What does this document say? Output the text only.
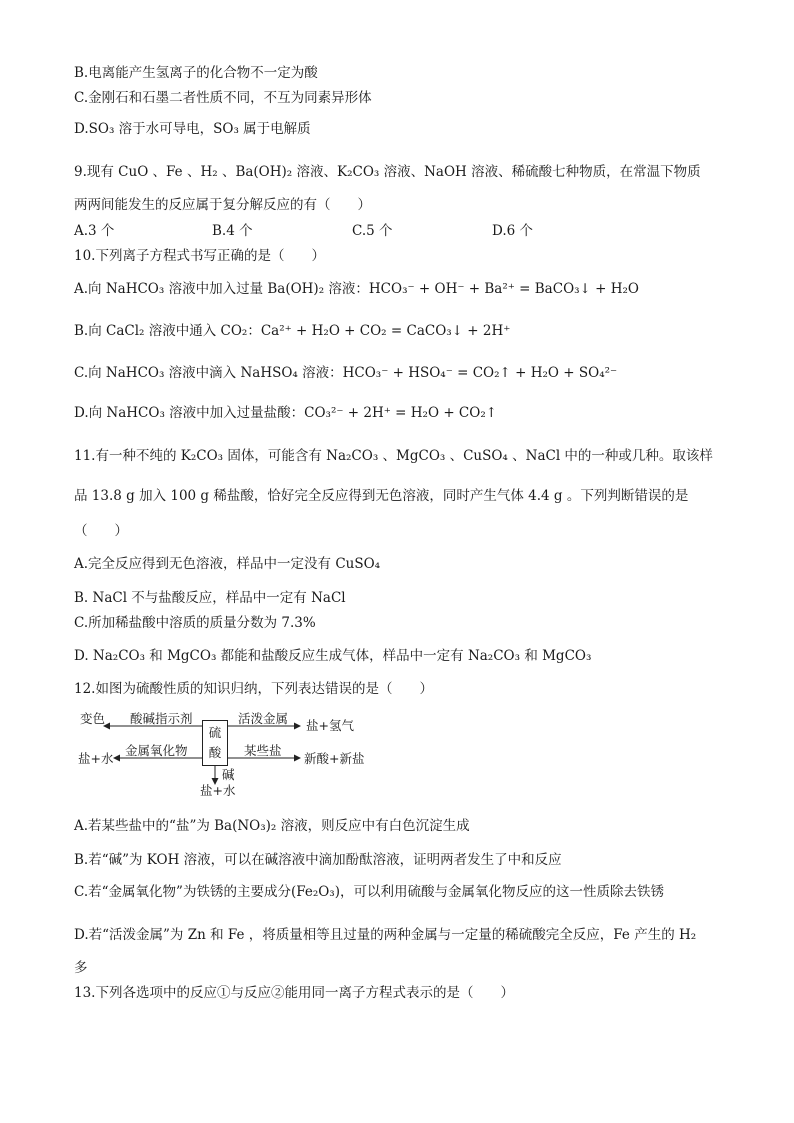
B.电离能产生氢离子的化合物不一定为酸
C.金刚石和石墨二者性质不同，不互为同素异形体
D.SO₃ 溶于水可导电，SO₃ 属于电解质
9.现有 CuO 、Fe 、H₂ 、Ba(OH)₂ 溶液、K₂CO₃ 溶液、NaOH 溶液、稀硫酸七种物质，在常温下物质
两两间能发生的反应属于复分解反应的有（　　）
A.3 个	B.4 个	C.5 个	D.6 个
10.下列离子方程式书写正确的是（　　）
A.向 NaHCO₃ 溶液中加入过量 Ba(OH)₂ 溶液：HCO₃⁻ + OH⁻ + Ba²⁺ = BaCO₃↓ + H₂O
B.向 CaCl₂ 溶液中通入 CO₂：Ca²⁺ + H₂O + CO₂ = CaCO₃↓ + 2H⁺
C.向 NaHCO₃ 溶液中滴入 NaHSO₄ 溶液：HCO₃⁻ + HSO₄⁻ = CO₂↑ + H₂O + SO₄²⁻
D.向 NaHCO₃ 溶液中加入过量盐酸：CO₃²⁻ + 2H⁺ = H₂O + CO₂↑
11.有一种不纯的 K₂CO₃ 固体，可能含有 Na₂CO₃ 、MgCO₃ 、CuSO₄ 、NaCl 中的一种或几种。取该样
品 13.8 g 加入 100 g 稀盐酸，恰好完全反应得到无色溶液，同时产生气体 4.4 g 。下列判断错误的是
（　　）
A.完全反应得到无色溶液，样品中一定没有 CuSO₄
B. NaCl 不与盐酸反应，样品中一定有 NaCl
C.所加稀盐酸中溶质的质量分数为 7.3%
D. Na₂CO₃ 和 MgCO₃ 都能和盐酸反应生成气体，样品中一定有 Na₂CO₃ 和 MgCO₃
12.如图为硫酸性质的知识归纳，下列表达错误的是（　　）
硫
酸
变色 酸碱指示剂	活泼金属 盐+氢气
盐+水
金属氧化物	某些盐
新酸+新盐
碱
盐+水
A.若某些盐中的“盐”为 Ba(NO₃)₂ 溶液，则反应中有白色沉淀生成
B.若“碱”为 KOH 溶液，可以在碱溶液中滴加酚酞溶液，证明两者发生了中和反应
C.若“金属氧化物”为铁锈的主要成分(Fe₂O₃)，可以利用硫酸与金属氧化物反应的这一性质除去铁锈
D.若“活泼金属”为 Zn 和 Fe ，将质量相等且过量的两种金属与一定量的稀硫酸完全反应，Fe 产生的 H₂
多
13.下列各选项中的反应①与反应②能用同一离子方程式表示的是（　　）
